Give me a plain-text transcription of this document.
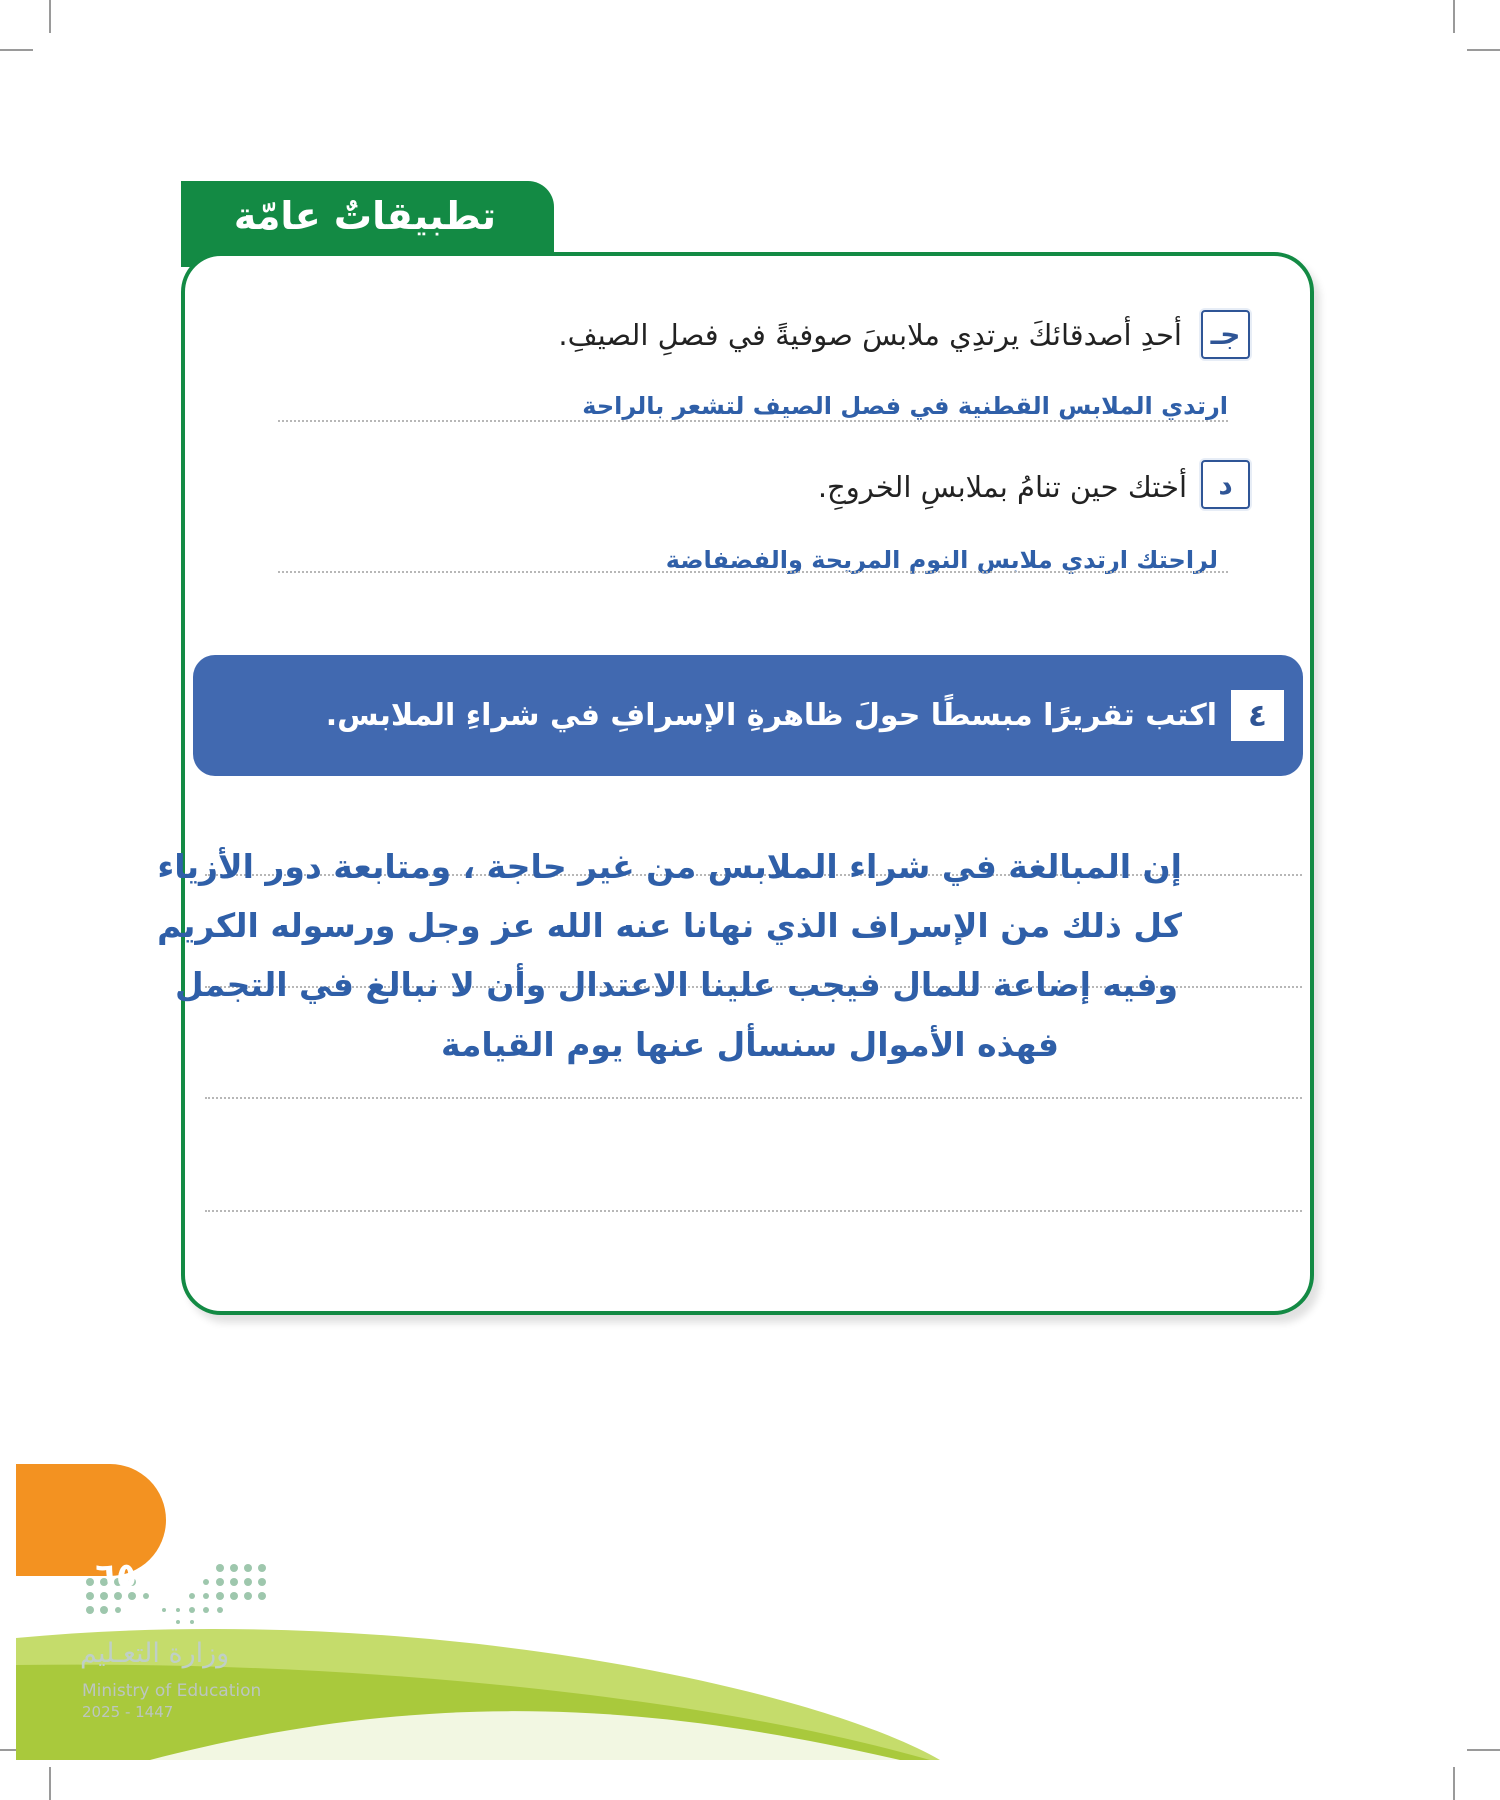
تطبيقاتٌ عامّة
جـ
أحدِ أصدقائكَ يرتدِي ملابسَ صوفيةً في فصلِ الصيفِ.
ارتدي الملابس القطنية في فصل الصيف لتشعر بالراحة
د
أختك حين تنامُ بملابسِ الخروجِ.
لراحتك ارتدي ملابس النوم المريحة والفضفاضة
٤
اكتب تقريرًا مبسطًا حولَ ظاهرةِ الإسرافِ في شراءِ الملابس.
إن المبالغة في شراء الملابس من غير حاجة ، ومتابعة دور الأزياء
كل ذلك من الإسراف الذي نهانا عنه الله عز وجل ورسوله الكريم
وفيه إضاعة للمال فيجب علينا الاعتدال وأن لا نبالغ في التجمل
فهذه الأموال سنسأل عنها يوم القيامة
٦٥
وزارة التعـليم
Ministry of Education
2025 - 1447
